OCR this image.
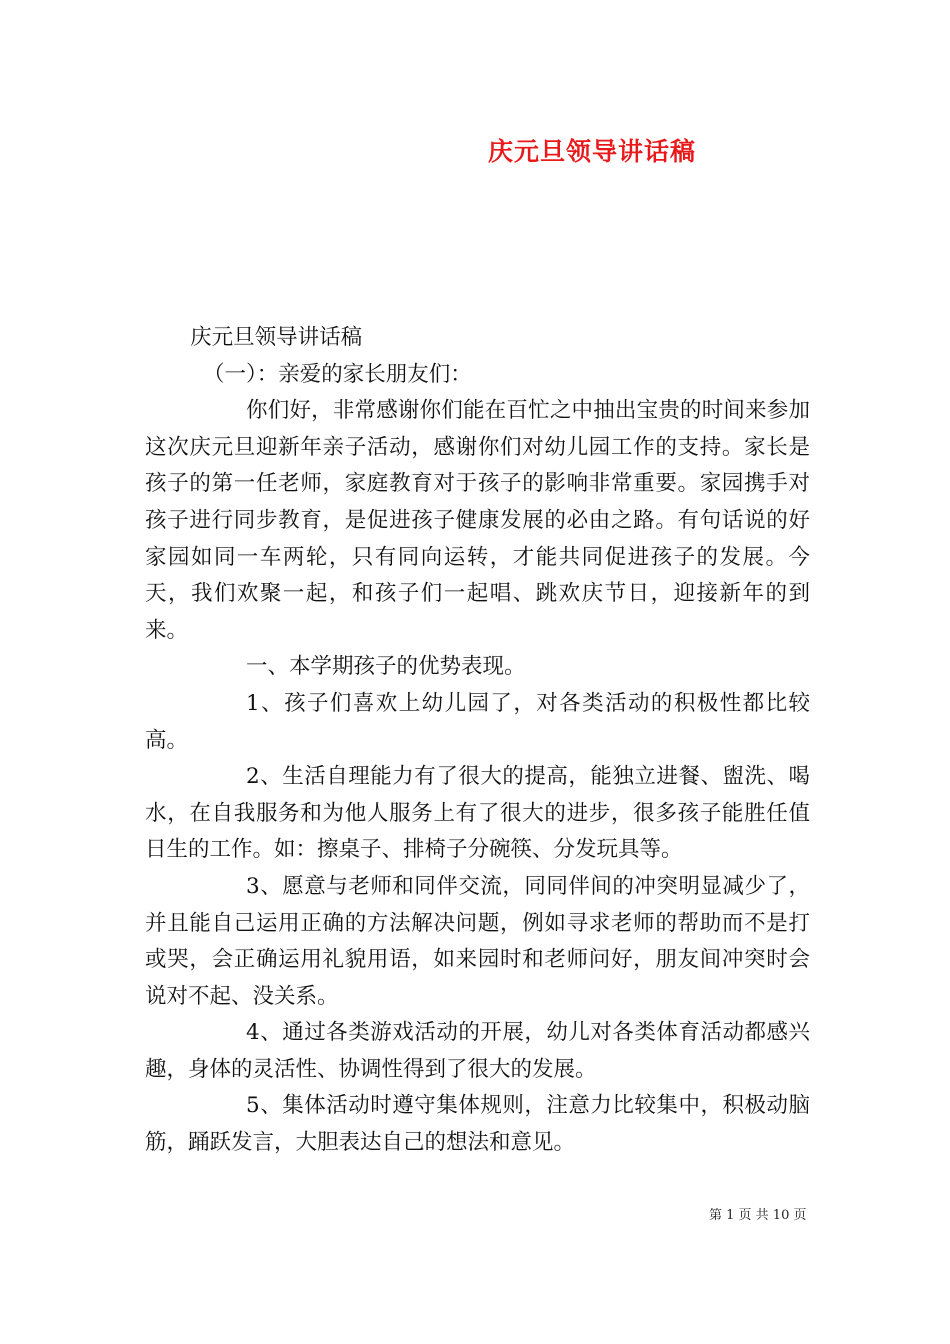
庆元旦领导讲话稿

庆元旦领导讲话稿

（一）：亲爱的家长朋友们：

你们好，非常感谢你们能在百忙之中抽出宝贵的时间来参加这次庆元旦迎新年亲子活动，感谢你们对幼儿园工作的支持。家长是孩子的第一任老师，家庭教育对于孩子的影响非常重要。家园携手对孩子进行同步教育，是促进孩子健康发展的必由之路。有句话说的好家园如同一车两轮，只有同向运转，才能共同促进孩子的发展。今天，我们欢聚一起，和孩子们一起唱、跳欢庆节日，迎接新年的到来。

一、本学期孩子的优势表现。

1、孩子们喜欢上幼儿园了，对各类活动的积极性都比较高。

2、生活自理能力有了很大的提高，能独立进餐、盥洗、喝水，在自我服务和为他人服务上有了很大的进步，很多孩子能胜任值日生的工作。如：擦桌子、排椅子分碗筷、分发玩具等。

3、愿意与老师和同伴交流，同同伴间的冲突明显减少了，并且能自己运用正确的方法解决问题，例如寻求老师的帮助而不是打或哭，会正确运用礼貌用语，如来园时和老师问好，朋友间冲突时会说对不起、没关系。

4、通过各类游戏活动的开展，幼儿对各类体育活动都感兴趣，身体的灵活性、协调性得到了很大的发展。

5、集体活动时遵守集体规则，注意力比较集中，积极动脑筋，踊跃发言，大胆表达自己的想法和意见。

第 1 页 共 10 页
